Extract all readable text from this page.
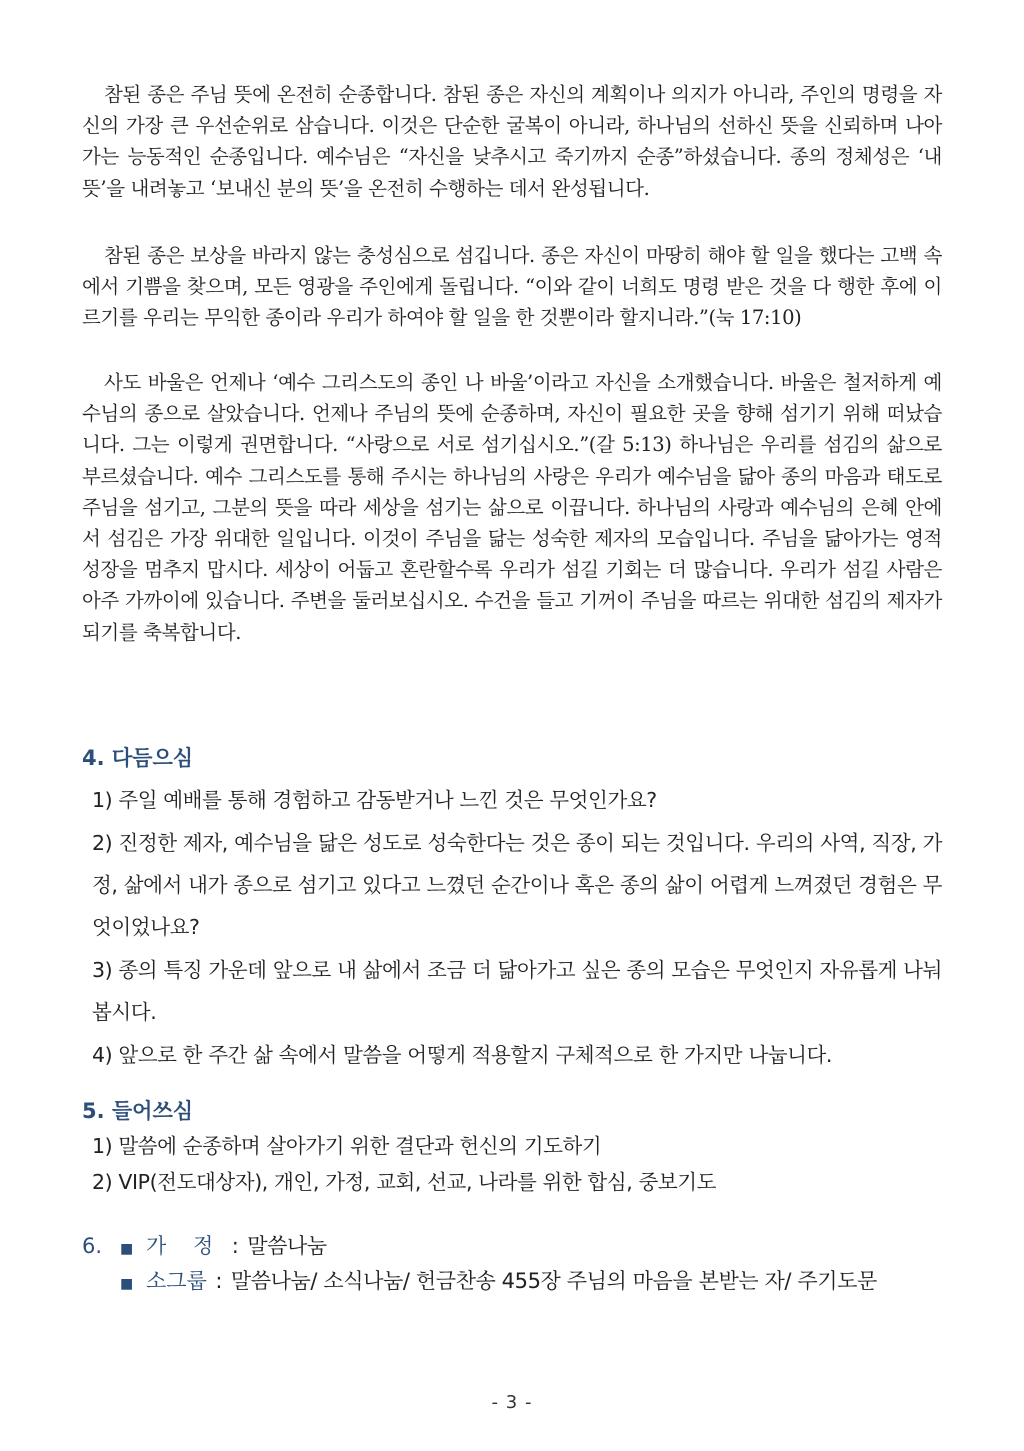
참된 종은 주님 뜻에 온전히 순종합니다. 참된 종은 자신의 계획이나 의지가 아니라, 주인의 명령을 자신의 가장 큰 우선순위로 삼습니다. 이것은 단순한 굴복이 아니라, 하나님의 선하신 뜻을 신뢰하며 나아가는 능동적인 순종입니다. 예수님은 “자신을 낮추시고 죽기까지 순종”하셨습니다. 종의 정체성은 ‘내 뜻’을 내려놓고 ‘보내신 분의 뜻’을 온전히 수행하는 데서 완성됩니다.

참된 종은 보상을 바라지 않는 충성심으로 섬깁니다. 종은 자신이 마땅히 해야 할 일을 했다는 고백 속에서 기쁨을 찾으며, 모든 영광을 주인에게 돌립니다. “이와 같이 너희도 명령 받은 것을 다 행한 후에 이르기를 우리는 무익한 종이라 우리가 하여야 할 일을 한 것뿐이라 할지니라.”(눅 17:10)

사도 바울은 언제나 ‘예수 그리스도의 종인 나 바울’이라고 자신을 소개했습니다. 바울은 철저하게 예수님의 종으로 살았습니다. 언제나 주님의 뜻에 순종하며, 자신이 필요한 곳을 향해 섬기기 위해 떠났습니다. 그는 이렇게 권면합니다. “사랑으로 서로 섬기십시오.”(갈 5:13) 하나님은 우리를 섬김의 삶으로 부르셨습니다. 예수 그리스도를 통해 주시는 하나님의 사랑은 우리가 예수님을 닮아 종의 마음과 태도로 주님을 섬기고, 그분의 뜻을 따라 세상을 섬기는 삶으로 이끕니다. 하나님의 사랑과 예수님의 은혜 안에서 섬김은 가장 위대한 일입니다. 이것이 주님을 닮는 성숙한 제자의 모습입니다. 주님을 닮아가는 영적 성장을 멈추지 맙시다. 세상이 어둡고 혼란할수록 우리가 섬길 기회는 더 많습니다. 우리가 섬길 사람은 아주 가까이에 있습니다. 주변을 둘러보십시오. 수건을 들고 기꺼이 주님을 따르는 위대한 섬김의 제자가 되기를 축복합니다.

4. 다듬으심
1) 주일 예배를 통해 경험하고 감동받거나 느낀 것은 무엇인가요?
2) 진정한 제자, 예수님을 닮은 성도로 성숙한다는 것은 종이 되는 것입니다. 우리의 사역, 직장, 가정, 삶에서 내가 종으로 섬기고 있다고 느꼈던 순간이나 혹은 종의 삶이 어렵게 느껴졌던 경험은 무엇이었나요?
3) 종의 특징 가운데 앞으로 내 삶에서 조금 더 닮아가고 싶은 종의 모습은 무엇인지 자유롭게 나눠봅시다.
4) 앞으로 한 주간 삶 속에서 말씀을 어떻게 적용할지 구체적으로 한 가지만 나눕니다.
5. 들어쓰심
1) 말씀에 순종하며 살아가기 위한 결단과 헌신의 기도하기
2) VIP(전도대상자), 개인, 가정, 교회, 선교, 나라를 위한 합심, 중보기도
6.	■ 가 정 : 말씀나눔
■ 소그룹 : 말씀나눔/ 소식나눔/ 헌금찬송 455장 주님의 마음을 본받는 자/ 주기도문
- 3 -
